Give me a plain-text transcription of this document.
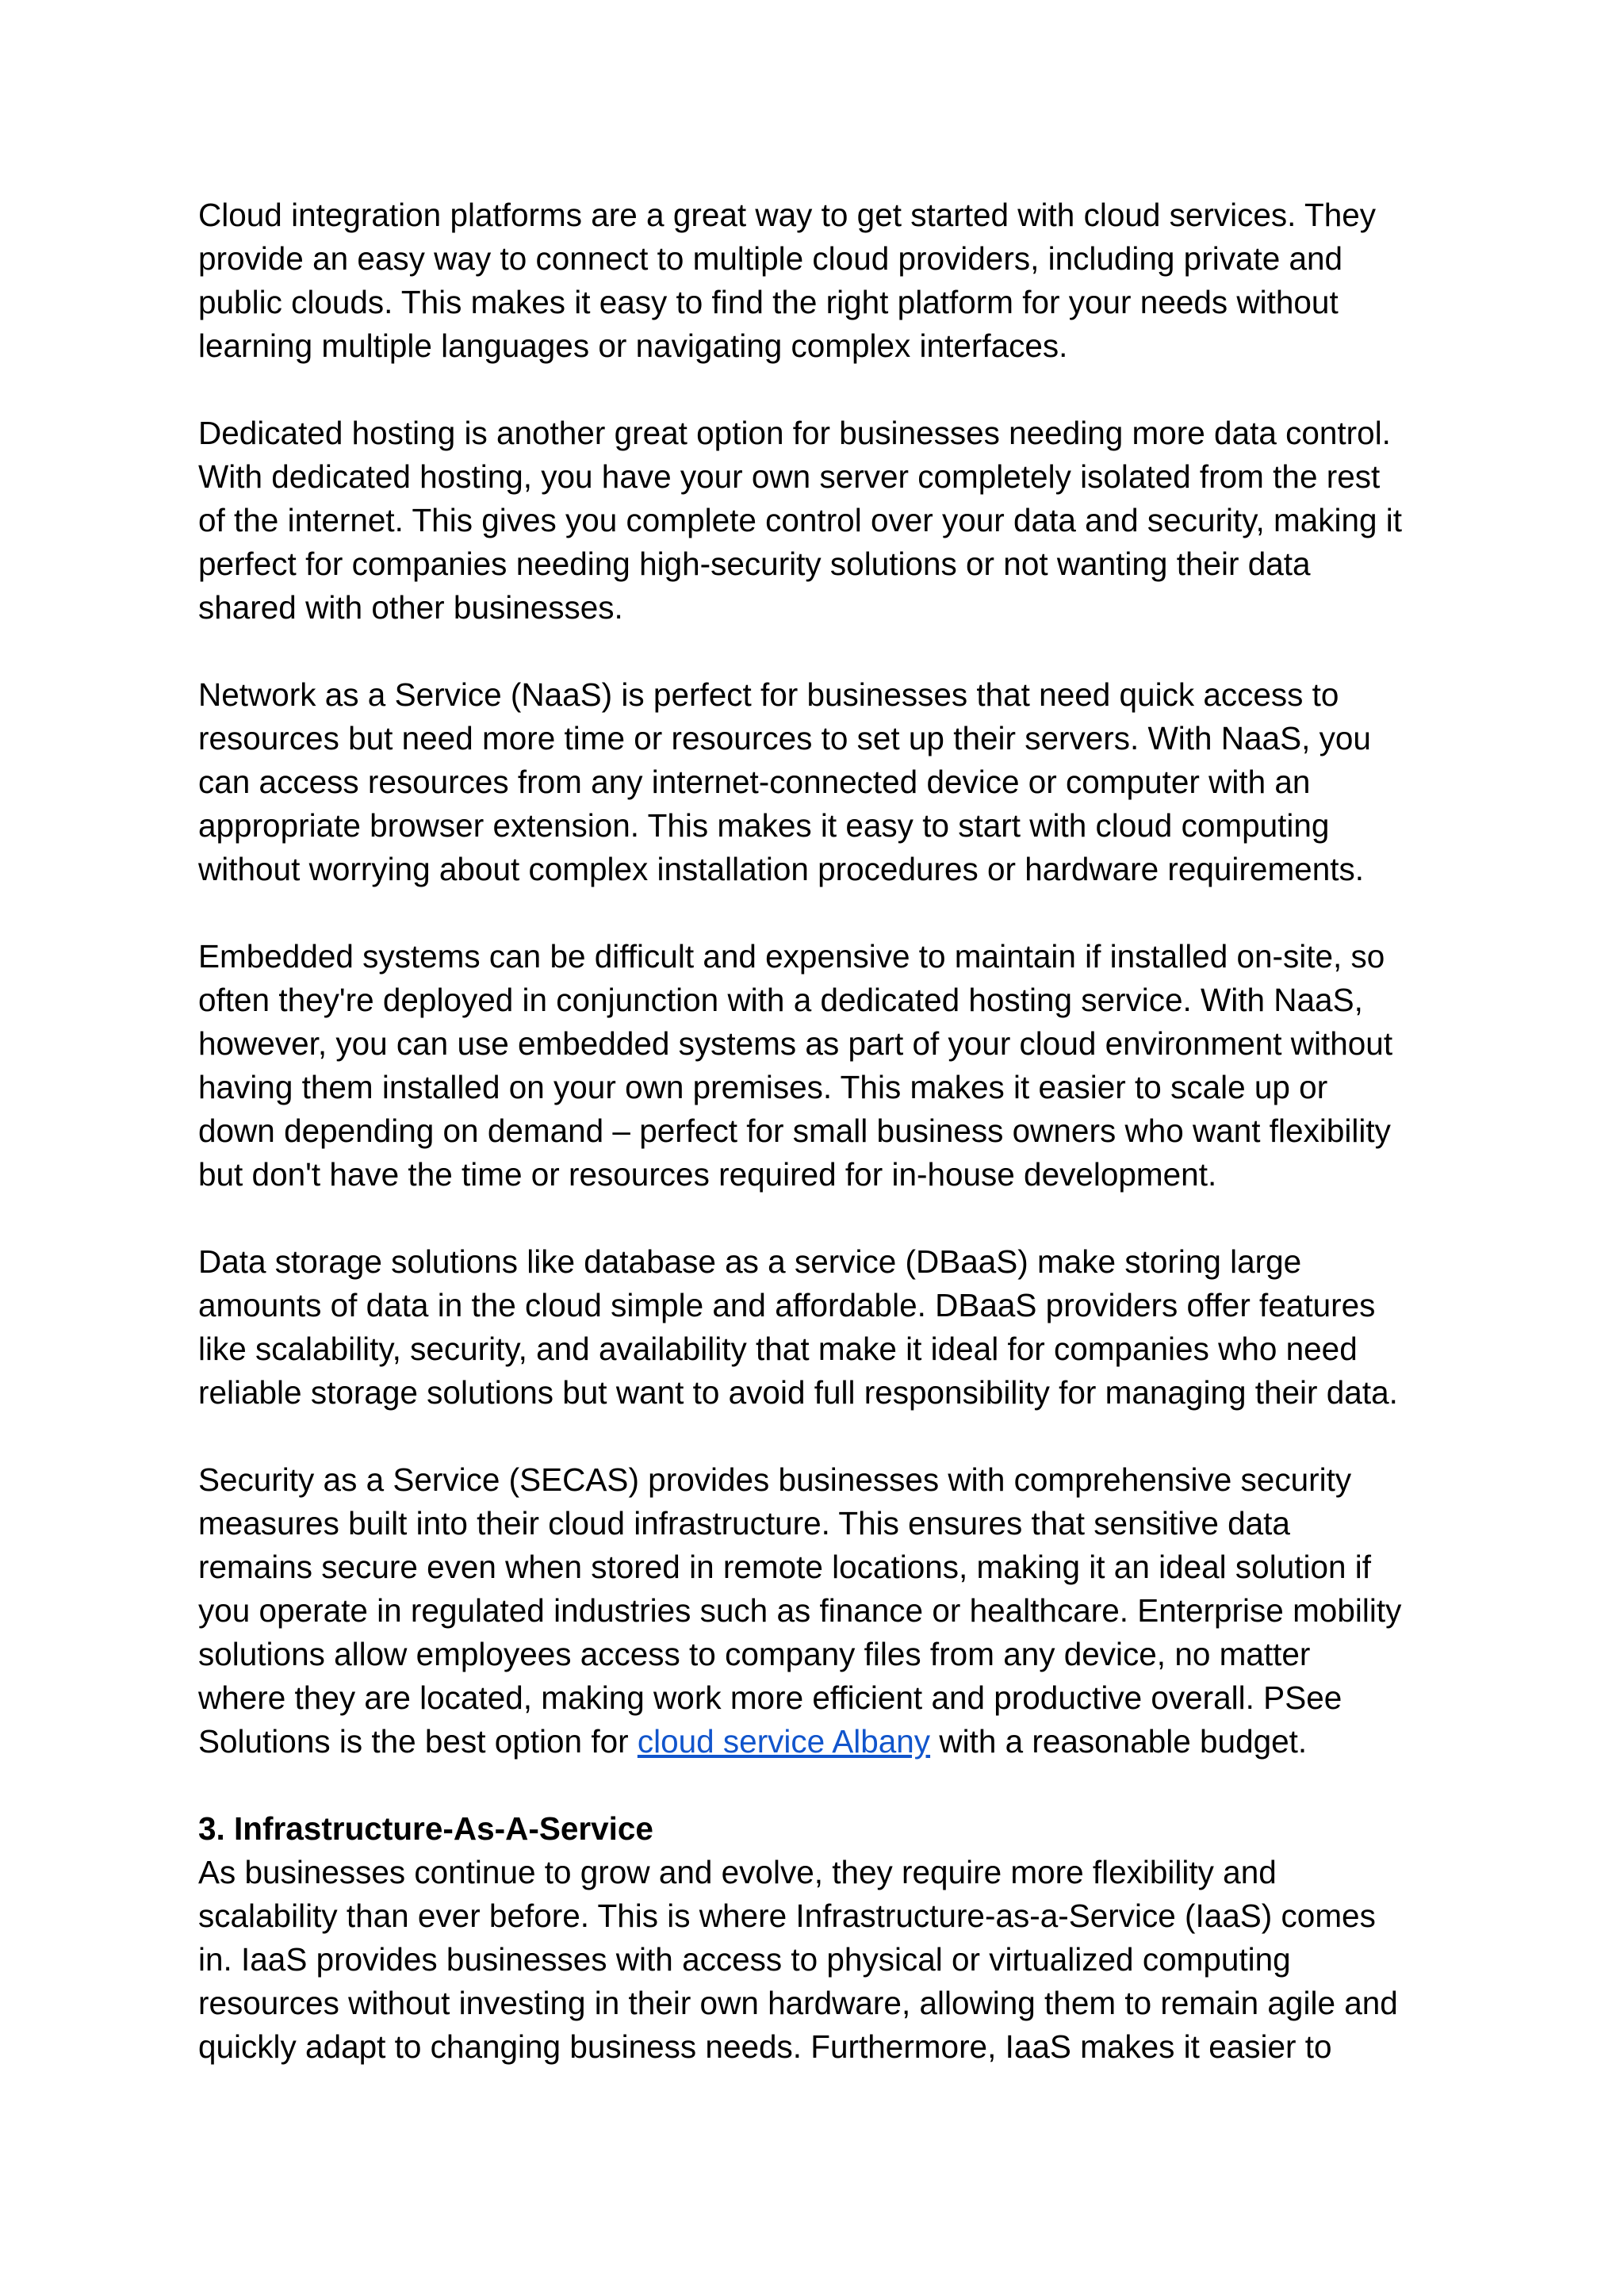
Cloud integration platforms are a great way to get started with cloud services. They
provide an easy way to connect to multiple cloud providers, including private and
public clouds. This makes it easy to find the right platform for your needs without
learning multiple languages or navigating complex interfaces.

Dedicated hosting is another great option for businesses needing more data control.
With dedicated hosting, you have your own server completely isolated from the rest
of the internet. This gives you complete control over your data and security, making it
perfect for companies needing high-security solutions or not wanting their data
shared with other businesses.

Network as a Service (NaaS) is perfect for businesses that need quick access to
resources but need more time or resources to set up their servers. With NaaS, you
can access resources from any internet-connected device or computer with an
appropriate browser extension. This makes it easy to start with cloud computing
without worrying about complex installation procedures or hardware requirements.

Embedded systems can be difficult and expensive to maintain if installed on-site, so
often they're deployed in conjunction with a dedicated hosting service. With NaaS,
however, you can use embedded systems as part of your cloud environment without
having them installed on your own premises. This makes it easier to scale up or
down depending on demand – perfect for small business owners who want flexibility
but don't have the time or resources required for in-house development.

Data storage solutions like database as a service (DBaaS) make storing large
amounts of data in the cloud simple and affordable. DBaaS providers offer features
like scalability, security, and availability that make it ideal for companies who need
reliable storage solutions but want to avoid full responsibility for managing their data.

Security as a Service (SECAS) provides businesses with comprehensive security
measures built into their cloud infrastructure. This ensures that sensitive data
remains secure even when stored in remote locations, making it an ideal solution if
you operate in regulated industries such as finance or healthcare. Enterprise mobility
solutions allow employees access to company files from any device, no matter
where they are located, making work more efficient and productive overall. PSee
Solutions is the best option for cloud service Albany with a reasonable budget.

3. Infrastructure-As-A-Service

As businesses continue to grow and evolve, they require more flexibility and
scalability than ever before. This is where Infrastructure-as-a-Service (IaaS) comes
in. IaaS provides businesses with access to physical or virtualized computing
resources without investing in their own hardware, allowing them to remain agile and
quickly adapt to changing business needs. Furthermore, IaaS makes it easier to
